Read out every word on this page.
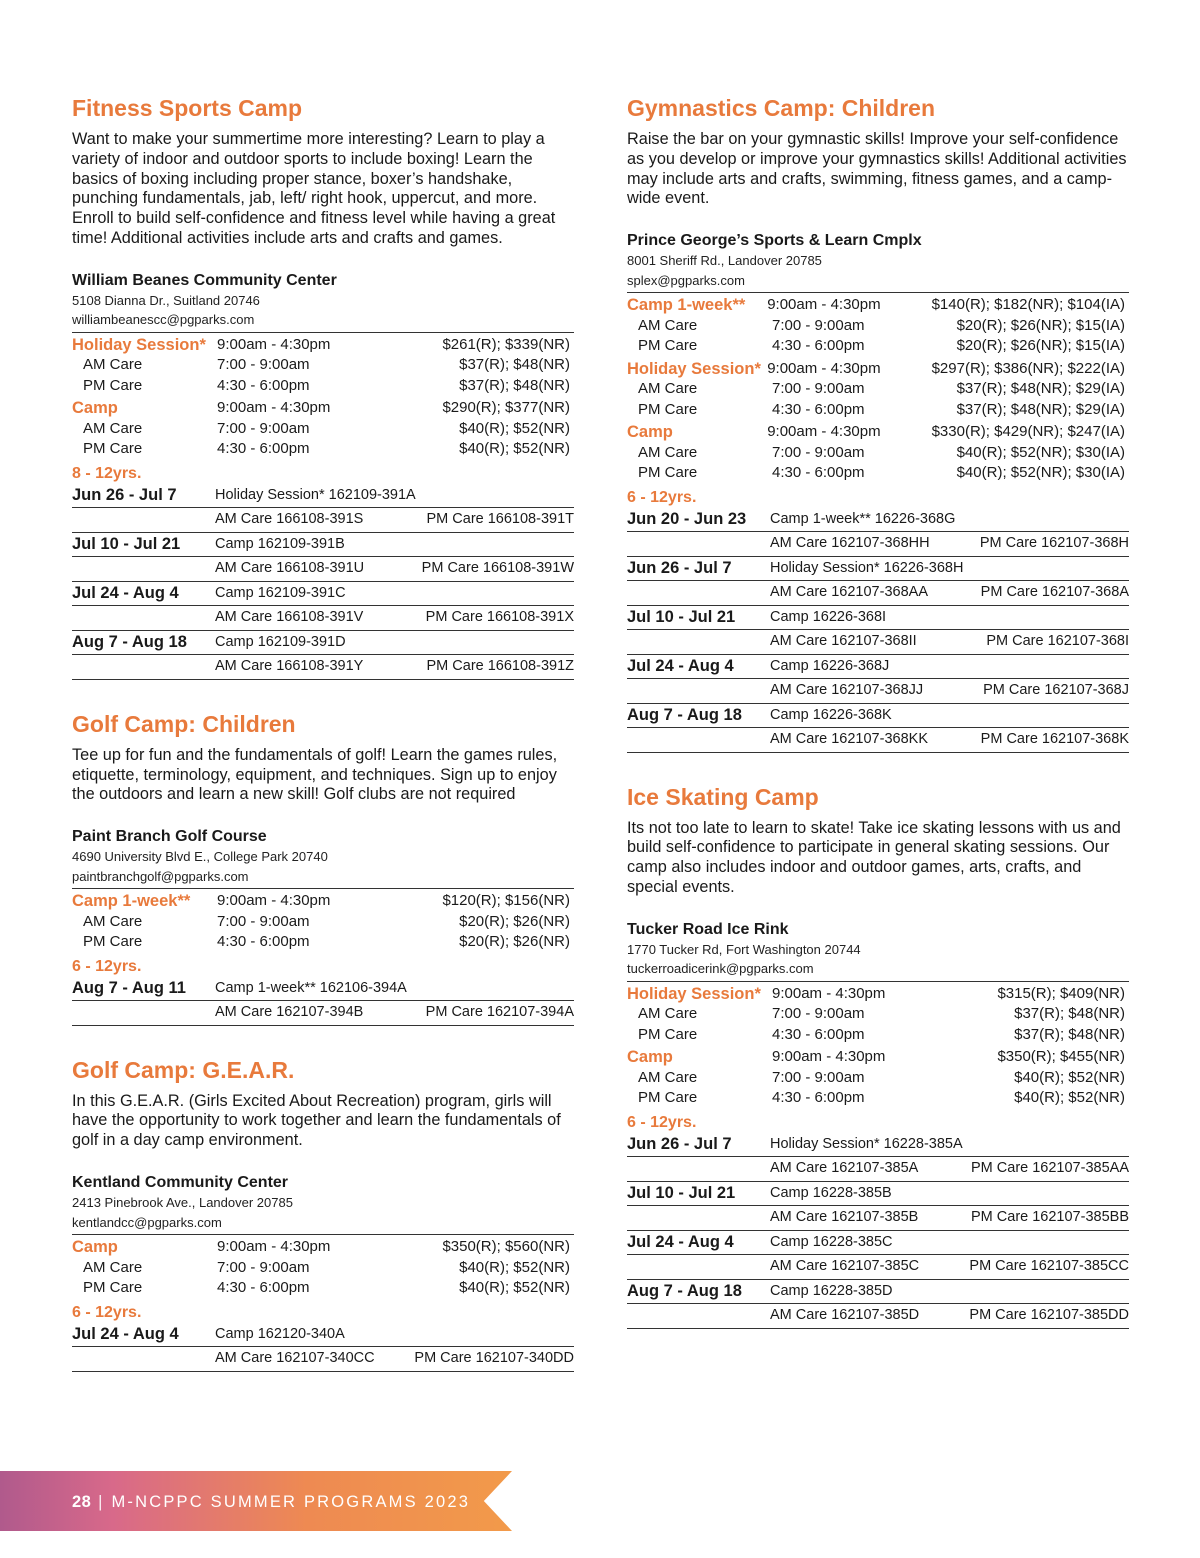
Fitness Sports Camp

Want to make your summertime more interesting? Learn to play a variety of indoor and outdoor sports to include boxing! Learn the basics of boxing including proper stance, boxer’s handshake, punching fundamentals, jab, left/ right hook, uppercut, and more. Enroll to build self-confidence and fitness level while having a great time! Additional activities include arts and crafts and games.

William Beanes Community Center
5108 Dianna Dr., Suitland 20746
williambeanescc@pgparks.com
Holiday Session* 9:00am - 4:30pm	$261(R); $339(NR)
AM Care	7:00 - 9:00am	$37(R); $48(NR)
PM Care	4:30 - 6:00pm	$37(R); $48(NR)
Camp	9:00am - 4:30pm	$290(R); $377(NR)
AM Care	7:00 - 9:00am	$40(R); $52(NR)
PM Care	4:30 - 6:00pm	$40(R); $52(NR)
8 - 12yrs.
Jun 26 - Jul 7	Holiday Session* 162109-391A
AM Care 166108-391S	PM Care 166108-391T
Jul 10 - Jul 21	Camp 162109-391B
AM Care 166108-391U	PM Care 166108-391W
Jul 24 - Aug 4	Camp 162109-391C
AM Care 166108-391V	PM Care 166108-391X
Aug 7 - Aug 18	Camp 162109-391D
AM Care 166108-391Y	PM Care 166108-391Z
Golf Camp: Children

Tee up for fun and the fundamentals of golf! Learn the games rules, etiquette, terminology, equipment, and techniques. Sign up to enjoy the outdoors and learn a new skill! Golf clubs are not required

Paint Branch Golf Course
4690 University Blvd E., College Park 20740
paintbranchgolf@pgparks.com
Camp 1-week**	9:00am - 4:30pm	$120(R); $156(NR)
AM Care	7:00 - 9:00am	$20(R); $26(NR)
PM Care	4:30 - 6:00pm	$20(R); $26(NR)
6 - 12yrs.
Aug 7 - Aug 11	Camp 1-week** 162106-394A
AM Care 162107-394B	PM Care 162107-394A
Golf Camp: G.E.A.R.

In this G.E.A.R. (Girls Excited About Recreation) program, girls will have the opportunity to work together and learn the fundamentals of golf in a day camp environment.

Kentland Community Center
2413 Pinebrook Ave., Landover 20785
kentlandcc@pgparks.com
Camp	9:00am - 4:30pm	$350(R); $560(NR)
AM Care	7:00 - 9:00am	$40(R); $52(NR)
PM Care	4:30 - 6:00pm	$40(R); $52(NR)
6 - 12yrs.
Jul 24 - Aug 4	Camp 162120-340A
AM Care 162107-340CC	PM Care 162107-340DD
Gymnastics Camp: Children

Raise the bar on your gymnastic skills! Improve your self-confidence as you develop or improve your gymnastics skills! Additional activities may include arts and crafts, swimming, fitness games, and a camp-wide event.

Prince George’s Sports & Learn Cmplx
8001 Sheriff Rd., Landover 20785
splex@pgparks.com
Camp 1-week**	9:00am - 4:30pm	$140(R); $182(NR); $104(IA)
AM Care	7:00 - 9:00am	$20(R); $26(NR); $15(IA)
PM Care	4:30 - 6:00pm	$20(R); $26(NR); $15(IA)
Holiday Session* 9:00am - 4:30pm	$297(R); $386(NR); $222(IA)
AM Care	7:00 - 9:00am	$37(R); $48(NR); $29(IA)
PM Care	4:30 - 6:00pm	$37(R); $48(NR); $29(IA)
Camp	9:00am - 4:30pm	$330(R); $429(NR); $247(IA)
AM Care	7:00 - 9:00am	$40(R); $52(NR); $30(IA)
PM Care	4:30 - 6:00pm	$40(R); $52(NR); $30(IA)
6 - 12yrs.
Jun 20 - Jun 23	Camp 1-week** 16226-368G
AM Care 162107-368HH	PM Care 162107-368H
Jun 26 - Jul 7	Holiday Session* 16226-368H
AM Care 162107-368AA	PM Care 162107-368A
Jul 10 - Jul 21	Camp 16226-368I
AM Care 162107-368II	PM Care 162107-368I
Jul 24 - Aug 4	Camp 16226-368J
AM Care 162107-368JJ	PM Care 162107-368J
Aug 7 - Aug 18	Camp 16226-368K
AM Care 162107-368KK	PM Care 162107-368K
Ice Skating Camp

Its not too late to learn to skate! Take ice skating lessons with us and build self-confidence to participate in general skating sessions. Our camp also includes indoor and outdoor games, arts, crafts, and special events.

Tucker Road Ice Rink
1770 Tucker Rd, Fort Washington 20744
tuckerroadicerink@pgparks.com
Holiday Session* 9:00am - 4:30pm	$315(R); $409(NR)
AM Care	7:00 - 9:00am	$37(R); $48(NR)
PM Care	4:30 - 6:00pm	$37(R); $48(NR)
Camp	9:00am - 4:30pm	$350(R); $455(NR)
AM Care	7:00 - 9:00am	$40(R); $52(NR)
PM Care	4:30 - 6:00pm	$40(R); $52(NR)
6 - 12yrs.
Jun 26 - Jul 7	Holiday Session* 16228-385A
AM Care 162107-385A	PM Care 162107-385AA
Jul 10 - Jul 21	Camp 16228-385B
AM Care 162107-385B	PM Care 162107-385BB
Jul 24 - Aug 4	Camp 16228-385C
AM Care 162107-385C	PM Care 162107-385CC
Aug 7 - Aug 18	Camp 16228-385D
AM Care 162107-385D	PM Care 162107-385DD
28 | M-NCPPC SUMMER PROGRAMS 2023
